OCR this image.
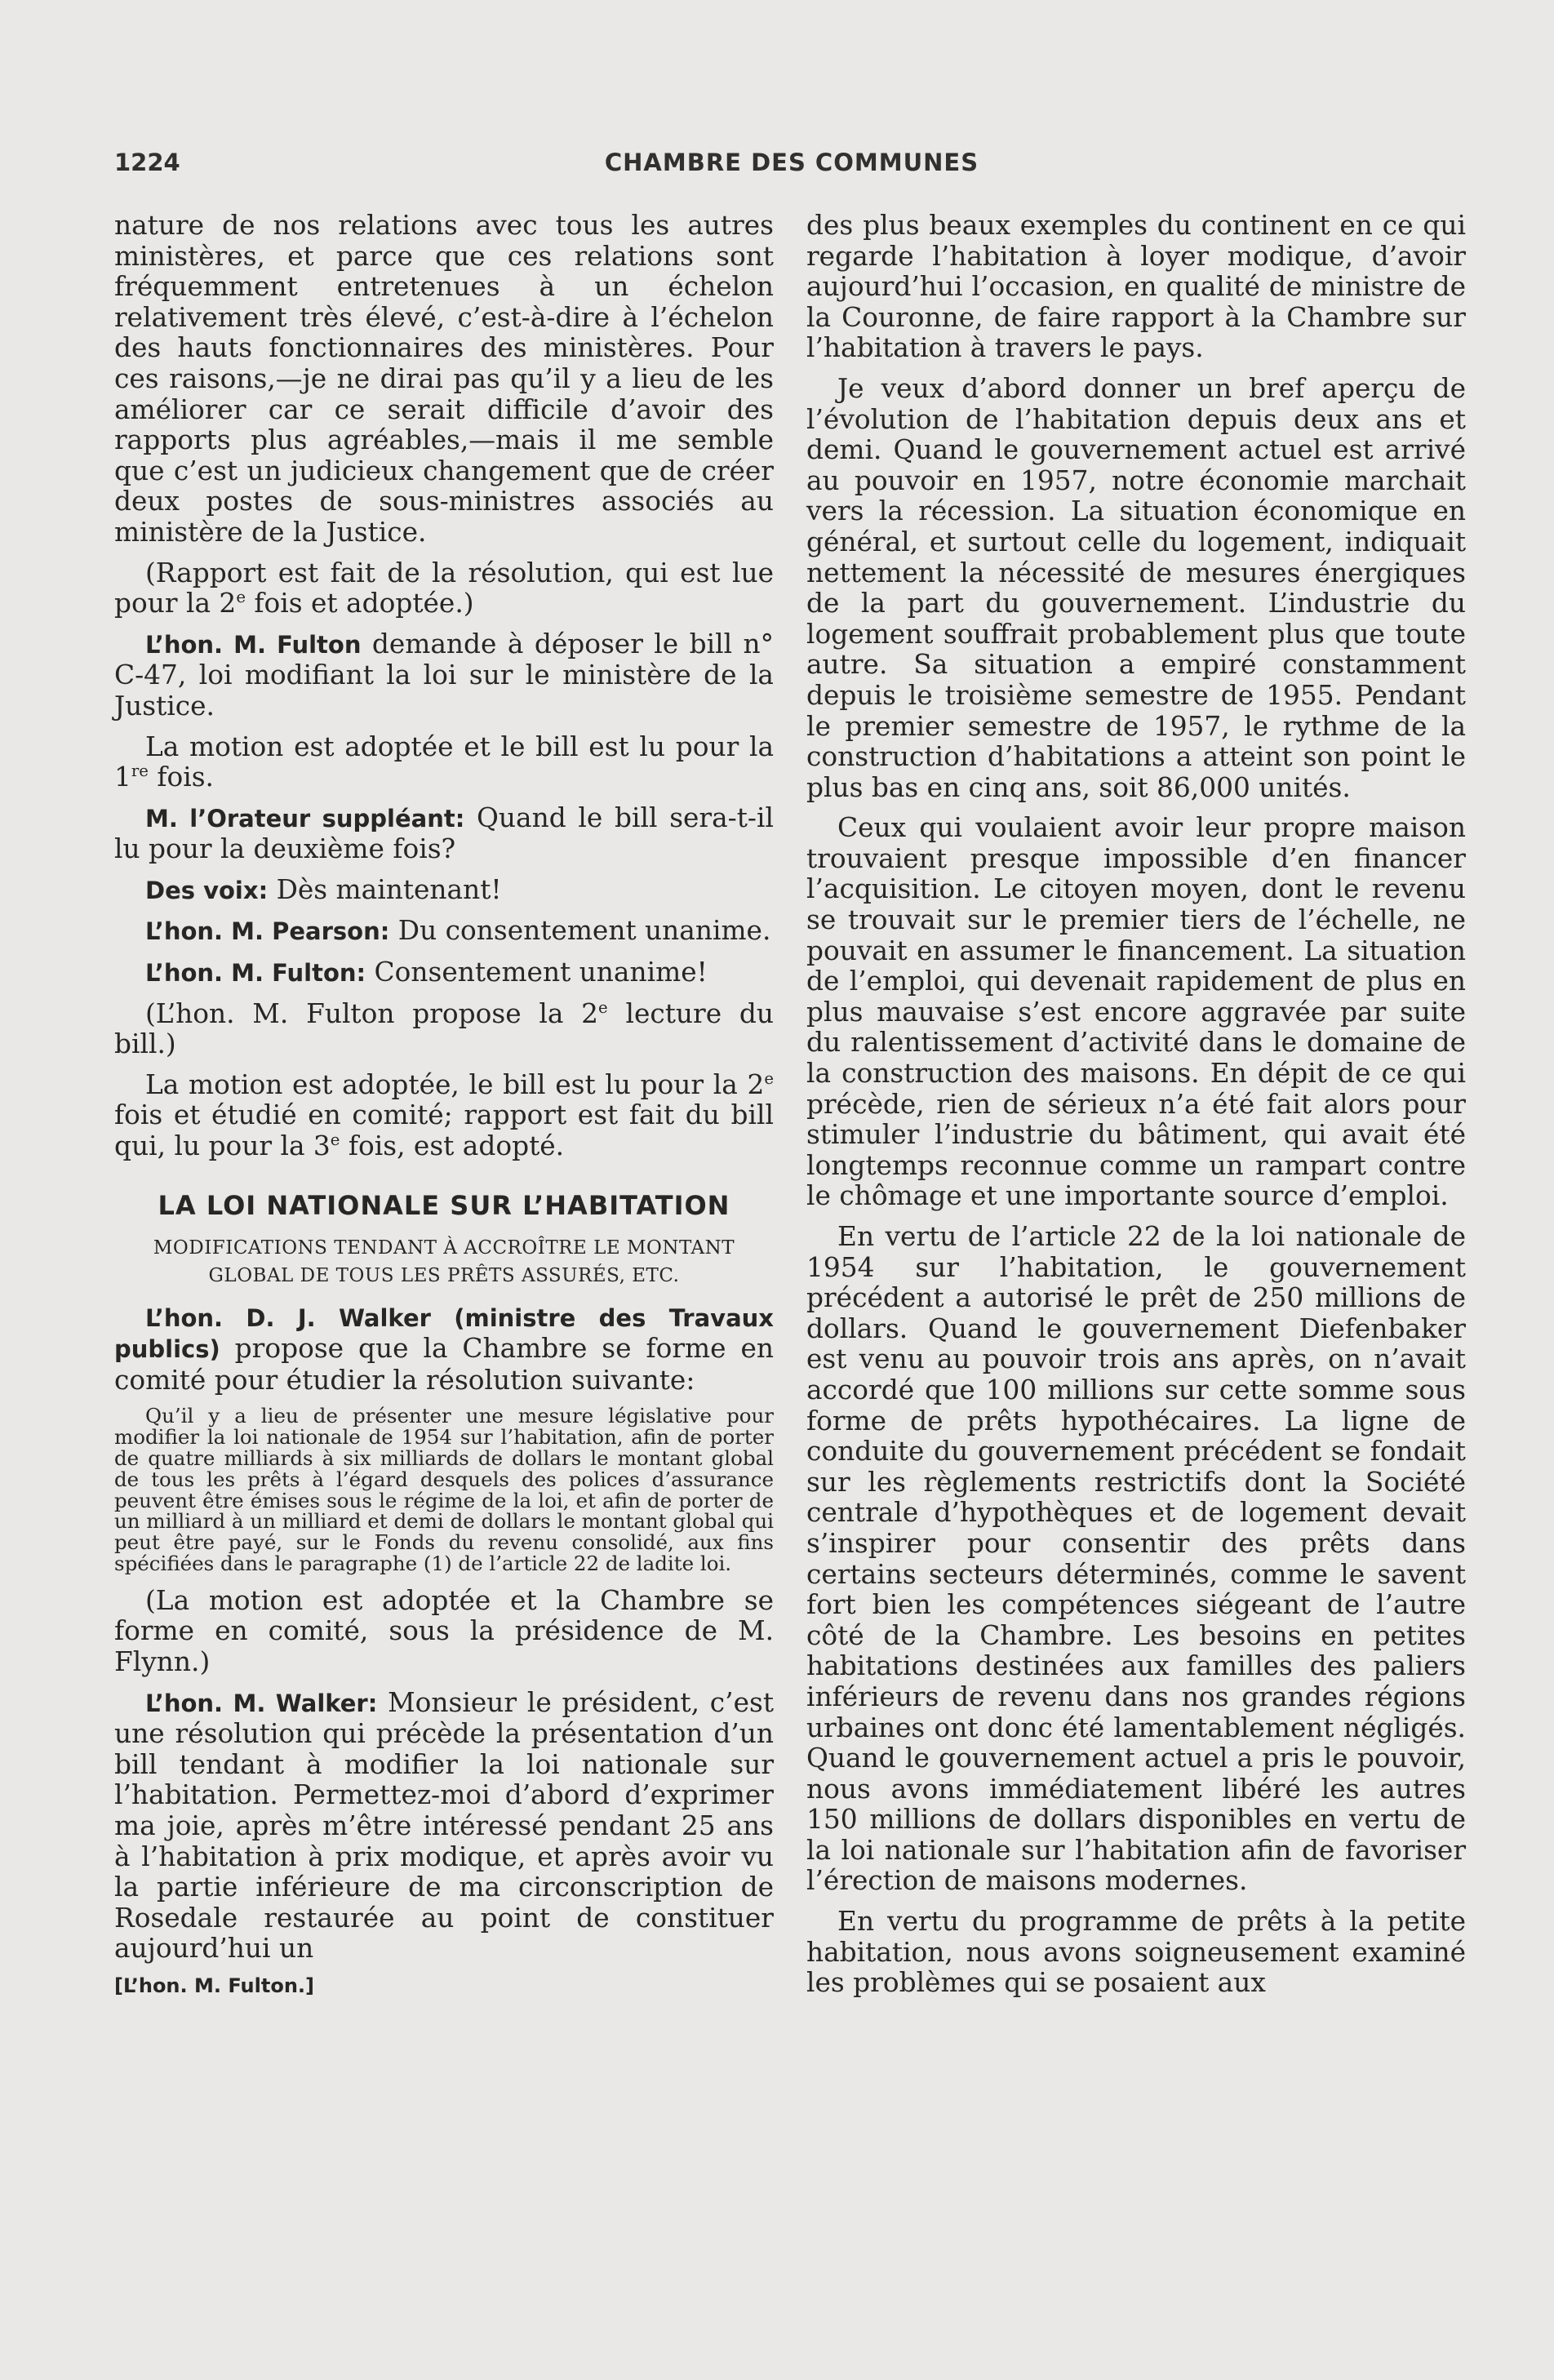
1224	CHAMBRE DES COMMUNES

nature de nos relations avec tous les autres ministères, et parce que ces relations sont fréquemment entretenues à un échelon relativement très élevé, c’est-à-dire à l’échelon des hauts fonctionnaires des ministères. Pour ces raisons,—je ne dirai pas qu’il y a lieu de les améliorer car ce serait difficile d’avoir des rapports plus agréables,—mais il me semble que c’est un judicieux changement que de créer deux postes de sous-ministres associés au ministère de la Justice.

(Rapport est fait de la résolution, qui est lue pour la 2e fois et adoptée.)

L’hon. M. Fulton demande à déposer le bill n° C-47, loi modifiant la loi sur le ministère de la Justice.

La motion est adoptée et le bill est lu pour la 1re fois.

M. l’Orateur suppléant: Quand le bill sera-t-il lu pour la deuxième fois?

Des voix: Dès maintenant!

L’hon. M. Pearson: Du consentement unanime.

L’hon. M. Fulton: Consentement unanime!

(L’hon. M. Fulton propose la 2e lecture du bill.)

La motion est adoptée, le bill est lu pour la 2e fois et étudié en comité; rapport est fait du bill qui, lu pour la 3e fois, est adopté.

LA LOI NATIONALE SUR L’HABITATION
MODIFICATIONS TENDANT À ACCROÎTRE LE MONTANT GLOBAL DE TOUS LES PRÊTS ASSURÉS, ETC.

L’hon. D. J. Walker (ministre des Travaux publics) propose que la Chambre se forme en comité pour étudier la résolution suivante:

Qu’il y a lieu de présenter une mesure législative pour modifier la loi nationale de 1954 sur l’habitation, afin de porter de quatre milliards à six milliards de dollars le montant global de tous les prêts à l’égard desquels des polices d’assurance peuvent être émises sous le régime de la loi, et afin de porter de un milliard à un milliard et demi de dollars le montant global qui peut être payé, sur le Fonds du revenu consolidé, aux fins spécifiées dans le paragraphe (1) de l’article 22 de ladite loi.

(La motion est adoptée et la Chambre se forme en comité, sous la présidence de M. Flynn.)

L’hon. M. Walker: Monsieur le président, c’est une résolution qui précède la présentation d’un bill tendant à modifier la loi nationale sur l’habitation. Permettez-moi d’abord d’exprimer ma joie, après m’être intéressé pendant 25 ans à l’habitation à prix modique, et après avoir vu la partie inférieure de ma circonscription de Rosedale restaurée au point de constituer aujourd’hui un

[L’hon. M. Fulton.]

des plus beaux exemples du continent en ce qui regarde l’habitation à loyer modique, d’avoir aujourd’hui l’occasion, en qualité de ministre de la Couronne, de faire rapport à la Chambre sur l’habitation à travers le pays.

Je veux d’abord donner un bref aperçu de l’évolution de l’habitation depuis deux ans et demi. Quand le gouvernement actuel est arrivé au pouvoir en 1957, notre économie marchait vers la récession. La situation économique en général, et surtout celle du logement, indiquait nettement la nécessité de mesures énergiques de la part du gouvernement. L’industrie du logement souffrait probablement plus que toute autre. Sa situation a empiré constamment depuis le troisième semestre de 1955. Pendant le premier semestre de 1957, le rythme de la construction d’habitations a atteint son point le plus bas en cinq ans, soit 86,000 unités.

Ceux qui voulaient avoir leur propre maison trouvaient presque impossible d’en financer l’acquisition. Le citoyen moyen, dont le revenu se trouvait sur le premier tiers de l’échelle, ne pouvait en assumer le financement. La situation de l’emploi, qui devenait rapidement de plus en plus mauvaise s’est encore aggravée par suite du ralentissement d’activité dans le domaine de la construction des maisons. En dépit de ce qui précède, rien de sérieux n’a été fait alors pour stimuler l’industrie du bâtiment, qui avait été longtemps reconnue comme un rampart contre le chômage et une importante source d’emploi.

En vertu de l’article 22 de la loi nationale de 1954 sur l’habitation, le gouvernement précédent a autorisé le prêt de 250 millions de dollars. Quand le gouvernement Diefenbaker est venu au pouvoir trois ans après, on n’avait accordé que 100 millions sur cette somme sous forme de prêts hypothécaires. La ligne de conduite du gouvernement précédent se fondait sur les règlements restrictifs dont la Société centrale d’hypothèques et de logement devait s’inspirer pour consentir des prêts dans certains secteurs déterminés, comme le savent fort bien les compétences siégeant de l’autre côté de la Chambre. Les besoins en petites habitations destinées aux familles des paliers inférieurs de revenu dans nos grandes régions urbaines ont donc été lamentablement négligés. Quand le gouvernement actuel a pris le pouvoir, nous avons immédiatement libéré les autres 150 millions de dollars disponibles en vertu de la loi nationale sur l’habitation afin de favoriser l’érection de maisons modernes.

En vertu du programme de prêts à la petite habitation, nous avons soigneusement examiné les problèmes qui se posaient aux
